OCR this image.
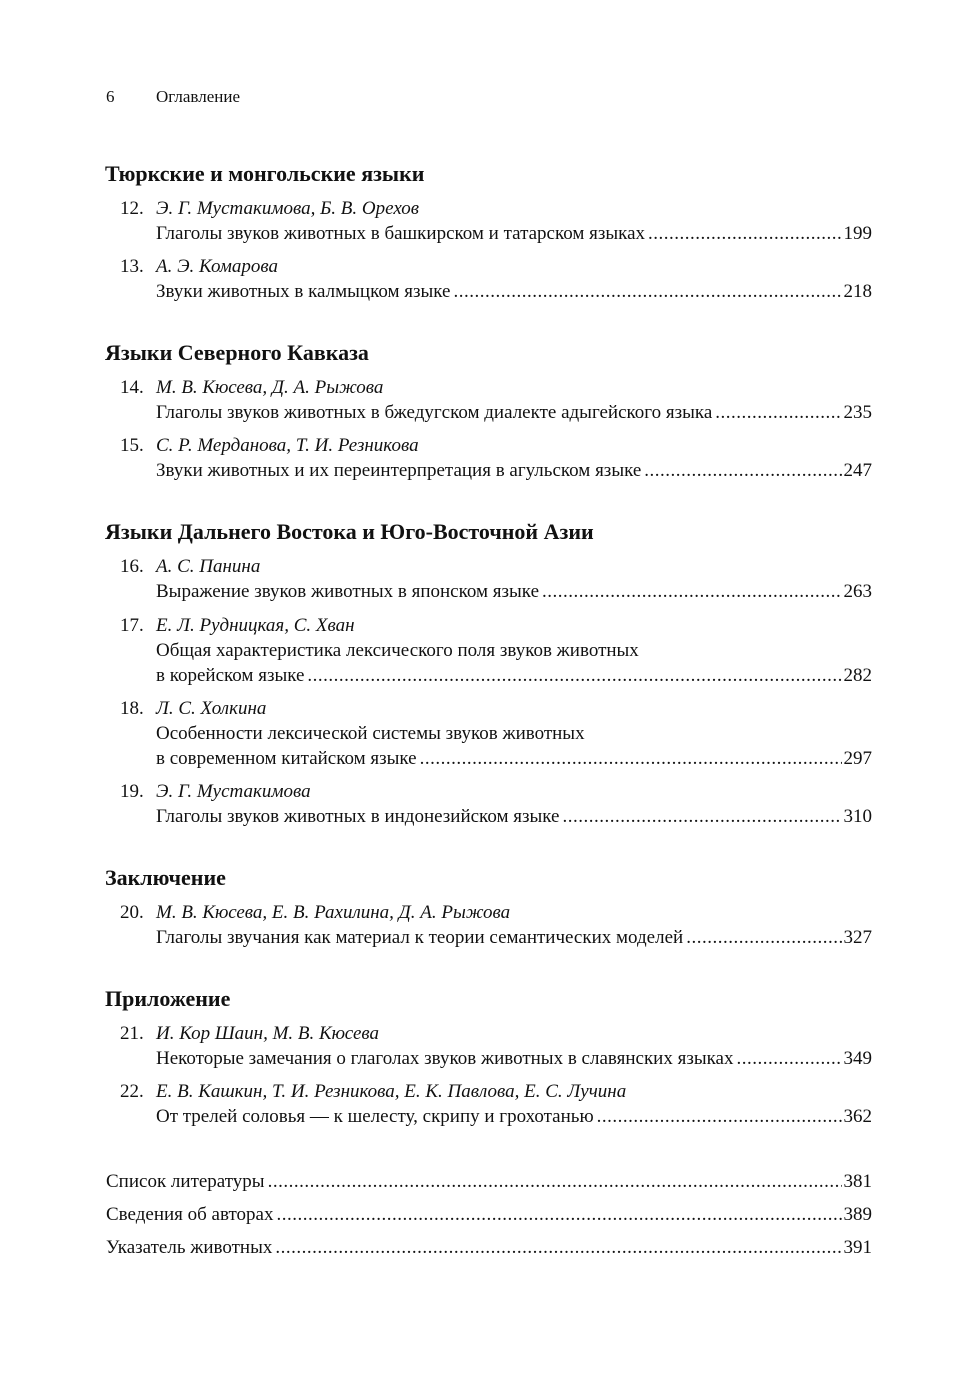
6 Оглавление
Тюркские и монгольские языки
12. Э. Г. Мустакимова, Б. В. Орехов
Глаголы звуков животных в башкирском и татарском языках .....	199
13. А. Э. Комарова
Звуки животных в калмыцком языке .....	218
Языки Северного Кавказа
14. М. В. Кюсева, Д. А. Рыжова
Глаголы звуков животных в бжедугском диалекте адыгейского языка .....	235
15. С. Р. Мерданова, Т. И. Резникова
Звуки животных и их переинтерпретация в агульском языке .....	247
Языки Дальнего Востока и Юго-Восточной Азии
16. А. С. Панина
Выражение звуков животных в японском языке .....	263
17. Е. Л. Рудницкая, С. Хван
Общая характеристика лексического поля звуков животных
в корейском языке .....	282
18. Л. С. Холкина
Особенности лексической системы звуков животных
в современном китайском языке .....	297
19. Э. Г. Мустакимова
Глаголы звуков животных в индонезийском языке .....	310
Заключение
20. М. В. Кюсева, Е. В. Рахилина, Д. А. Рыжова
Глаголы звучания как материал к теории семантических моделей .....	327
Приложение
21. И. Кор Шаин, М. В. Кюсева
Некоторые замечания о глаголах звуков животных в славянских языках .....	349
22. Е. В. Кашкин, Т. И. Резникова, Е. К. Павлова, Е. С. Лучина
От трелей соловья — к шелесту, скрипу и грохотанью .....	362
Список литературы .....	381
Сведения об авторах .....	389
Указатель животных .....	391
